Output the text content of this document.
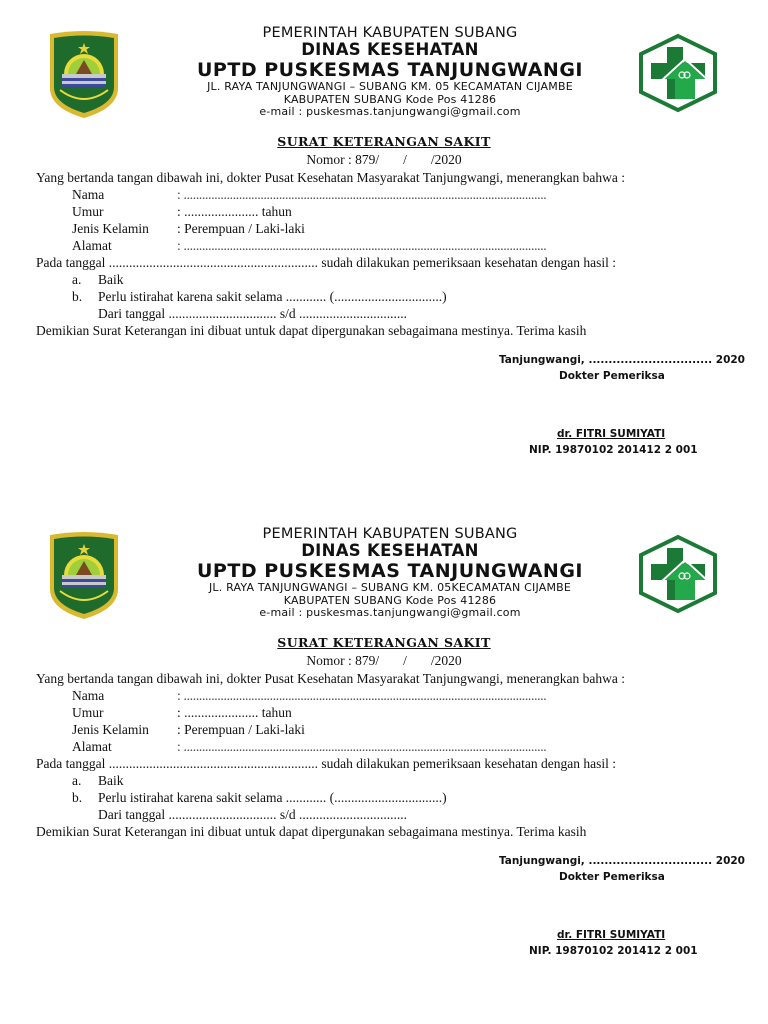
PEMERINTAH KABUPATEN SUBANG
DINAS KESEHATAN
UPTD PUSKESMAS TANJUNGWANGI
JL. RAYA TANJUNGWANGI – SUBANG KM. 05 KECAMATAN CIJAMBE
KABUPATEN SUBANG Kode Pos 41286
e-mail : puskesmas.tanjungwangi@gmail.com
SURAT KETERANGAN SAKIT
Nomor : 879/ / /2020
Yang bertanda tangan dibawah ini, dokter Pusat Kesehatan Masyarakat Tanjungwangi, menerangkan bahwa :
Nama	: ......................................................................................................................
Umur	: ...................... tahun
Jenis Kelamin : Perempuan / Laki-laki
Alamat	: ......................................................................................................................
Pada tanggal .............................................................. sudah dilakukan pemeriksaan kesehatan dengan hasil :
a. Baik
b. Perlu istirahat karena sakit selama ............ (................................)
Dari tanggal ................................ s/d ................................
Demikian Surat Keterangan ini dibuat untuk dapat dipergunakan sebagaimana mestinya. Terima kasih
Tanjungwangi, ............................... 2020
Dokter Pemeriksa
dr. FITRI SUMIYATI
NIP. 19870102 201412 2 001
PEMERINTAH KABUPATEN SUBANG
DINAS KESEHATAN
UPTD PUSKESMAS TANJUNGWANGI
JL. RAYA TANJUNGWANGI – SUBANG KM. 05KECAMATAN CIJAMBE
KABUPATEN SUBANG Kode Pos 41286
e-mail : puskesmas.tanjungwangi@gmail.com
SURAT KETERANGAN SAKIT
Nomor : 879/ / /2020
Yang bertanda tangan dibawah ini, dokter Pusat Kesehatan Masyarakat Tanjungwangi, menerangkan bahwa :
Nama	: ......................................................................................................................
Umur	: ...................... tahun
Jenis Kelamin : Perempuan / Laki-laki
Alamat	: ......................................................................................................................
Pada tanggal .............................................................. sudah dilakukan pemeriksaan kesehatan dengan hasil :
a. Baik
b. Perlu istirahat karena sakit selama ............ (................................)
Dari tanggal ................................ s/d ................................
Demikian Surat Keterangan ini dibuat untuk dapat dipergunakan sebagaimana mestinya. Terima kasih
Tanjungwangi, ............................... 2020
Dokter Pemeriksa
dr. FITRI SUMIYATI
NIP. 19870102 201412 2 001
